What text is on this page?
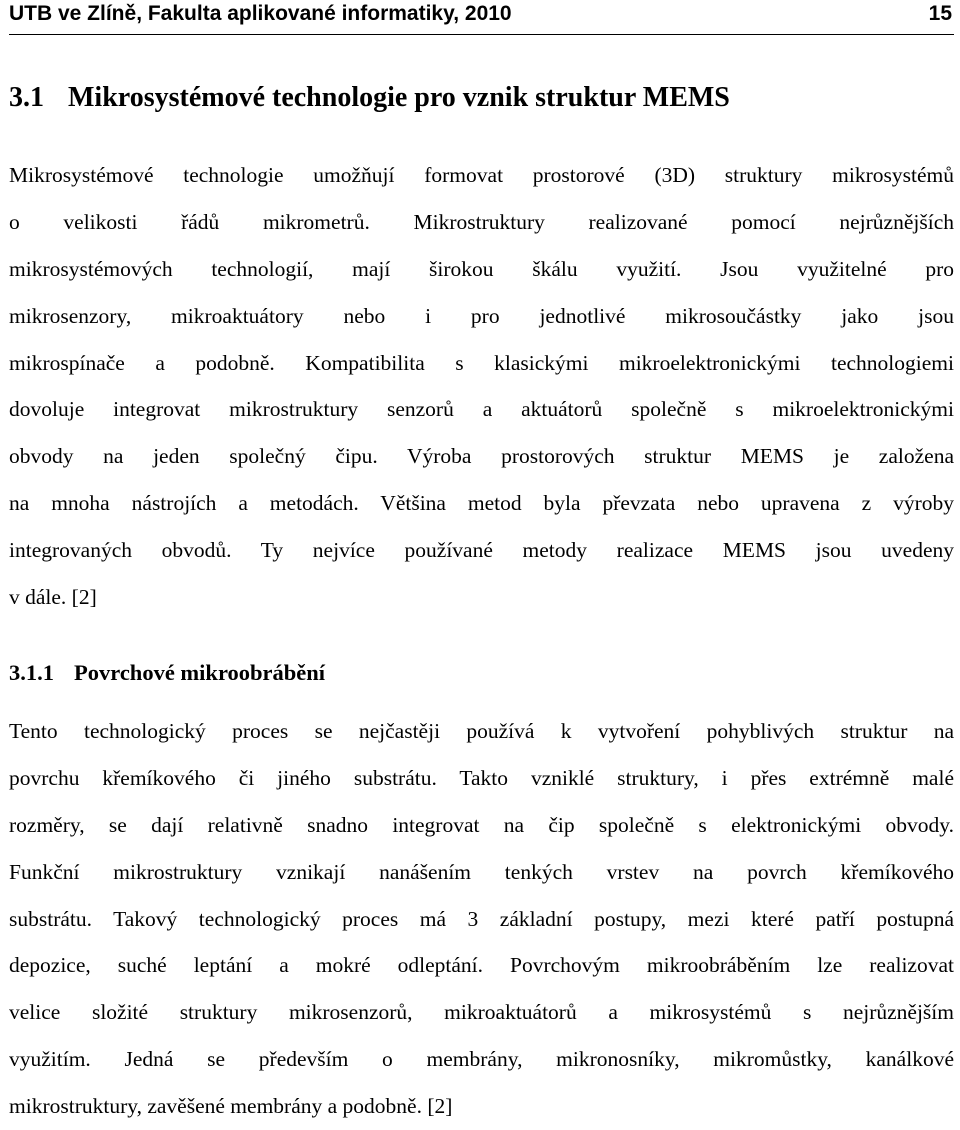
UTB ve Zlíně, Fakulta aplikované informatiky, 2010	15
3.1 Mikrosystémové technologie pro vznik struktur MEMS
Mikrosystémové technologie umožňují formovat prostorové (3D) struktury mikrosystémů
o velikosti řádů mikrometrů. Mikrostruktury realizované pomocí nejrůznějších
mikrosystémových technologií, mají širokou škálu využití. Jsou využitelné pro
mikrosenzory, mikroaktuátory nebo i pro jednotlivé mikrosoučástky jako jsou
mikrospínače a podobně. Kompatibilita s klasickými mikroelektronickými technologiemi
dovoluje integrovat mikrostruktury senzorů a aktuátorů společně s mikroelektronickými
obvody na jeden společný čipu. Výroba prostorových struktur MEMS je založena
na mnoha nástrojích a metodách. Většina metod byla převzata nebo upravena z výroby
integrovaných obvodů. Ty nejvíce používané metody realizace MEMS jsou uvedeny
v dále. [2]
3.1.1 Povrchové mikroobrábění
Tento technologický proces se nejčastěji používá k vytvoření pohyblivých struktur na
povrchu křemíkového či jiného substrátu. Takto vzniklé struktury, i přes extrémně malé
rozměry, se dají relativně snadno integrovat na čip společně s elektronickými obvody.
Funkční mikrostruktury vznikají nanášením tenkých vrstev na povrch křemíkového
substrátu. Takový technologický proces má 3 základní postupy, mezi které patří postupná
depozice, suché leptání a mokré odleptání. Povrchovým mikroobráběním lze realizovat
velice složité struktury mikrosenzorů, mikroaktuátorů a mikrosystémů s nejrůznějším
využitím. Jedná se především o membrány, mikronosníky, mikromůstky, kanálkové
mikrostruktury, zavěšené membrány a podobně. [2]
